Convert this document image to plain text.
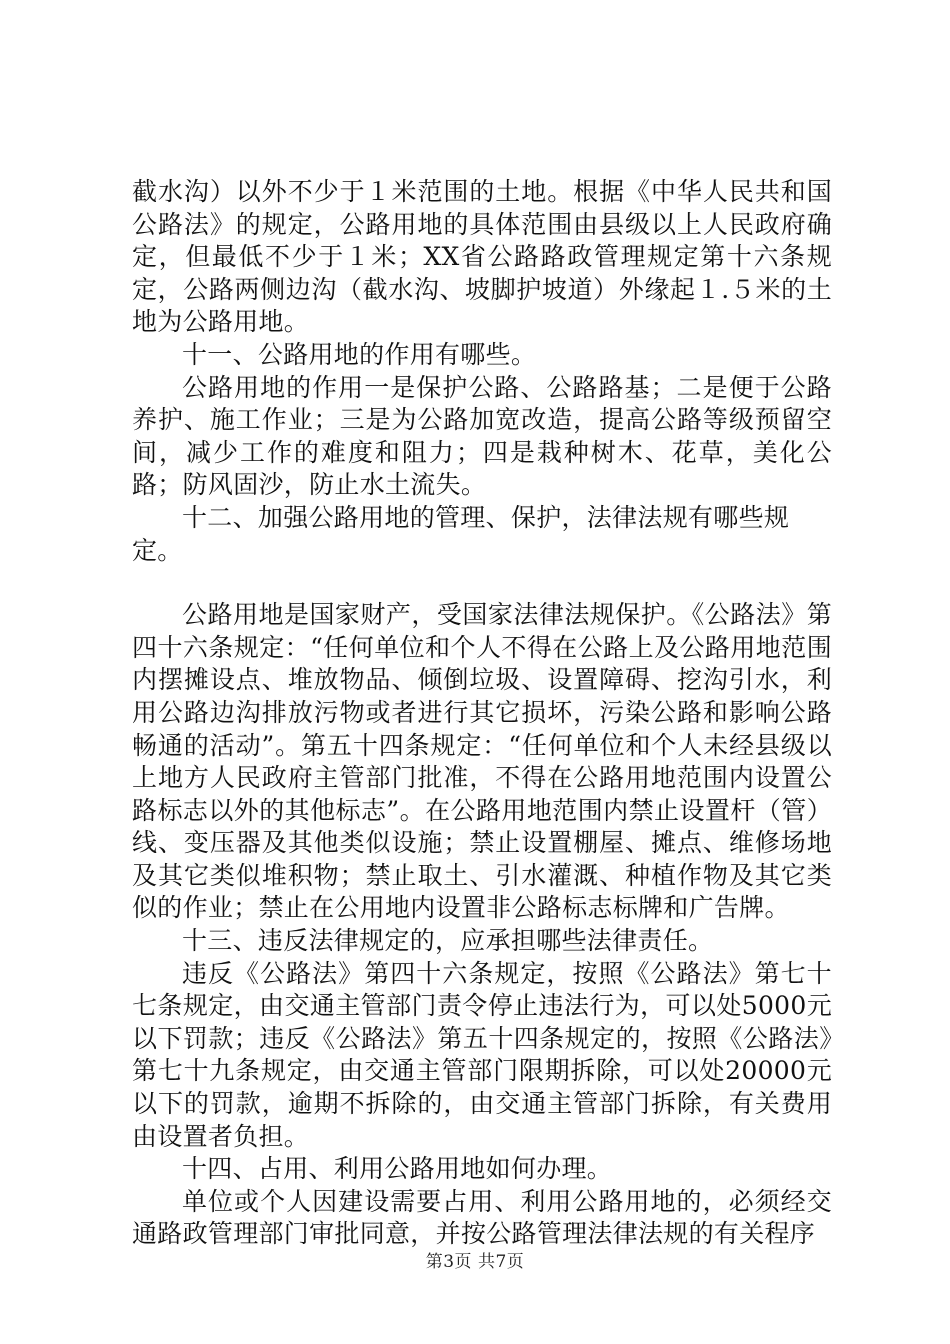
截水沟）以外不少于１米范围的土地。根据《中华人民共和国公路法》的规定，公路用地的具体范围由县级以上人民政府确定，但最低不少于１米；XX省公路路政管理规定第十六条规定，公路两侧边沟（截水沟、坡脚护坡道）外缘起１.５米的土地为公路用地。

十一、公路用地的作用有哪些。

公路用地的作用一是保护公路、公路路基；二是便于公路养护、施工作业；三是为公路加宽改造，提高公路等级预留空间，减少工作的难度和阻力；四是栽种树木、花草，美化公路；防风固沙，防止水土流失。

十二、加强公路用地的管理、保护，法律法规有哪些规定。

公路用地是国家财产，受国家法律法规保护。《公路法》第四十六条规定：“任何单位和个人不得在公路上及公路用地范围内摆摊设点、堆放物品、倾倒垃圾、设置障碍、挖沟引水，利用公路边沟排放污物或者进行其它损坏，污染公路和影响公路畅通的活动”。第五十四条规定：“任何单位和个人未经县级以上地方人民政府主管部门批准，不得在公路用地范围内设置公路标志以外的其他标志”。在公路用地范围内禁止设置杆（管）线、变压器及其他类似设施；禁止设置棚屋、摊点、维修场地及其它类似堆积物；禁止取土、引水灌溉、种植作物及其它类似的作业；禁止在公用地内设置非公路标志标牌和广告牌。

十三、违反法律规定的，应承担哪些法律责任。

违反《公路法》第四十六条规定，按照《公路法》第七十七条规定，由交通主管部门责令停止违法行为，可以处5000元以下罚款；违反《公路法》第五十四条规定的，按照《公路法》第七十九条规定，由交通主管部门限期拆除，可以处20000元以下的罚款，逾期不拆除的，由交通主管部门拆除，有关费用由设置者负担。

十四、占用、利用公路用地如何办理。

单位或个人因建设需要占用、利用公路用地的，必须经交通路政管理部门审批同意，并按公路管理法律法规的有关程序

第3页 共7页
